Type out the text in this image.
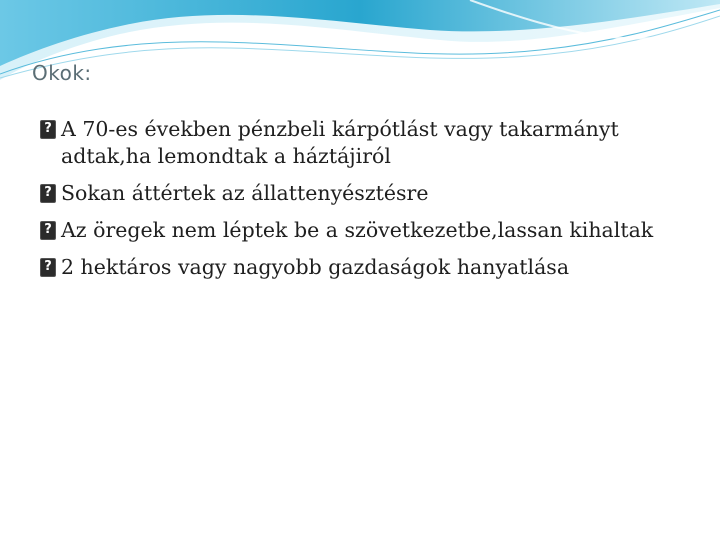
Okok:
? A 70-es években pénzbeli kárpótlást vagy takarmányt adtak,ha lemondtak a háztájiról
? Sokan áttértek az állattenyésztésre
? Az öregek nem léptek be a szövetkezetbe,lassan kihaltak
? 2 hektáros vagy nagyobb gazdaságok hanyatlása
